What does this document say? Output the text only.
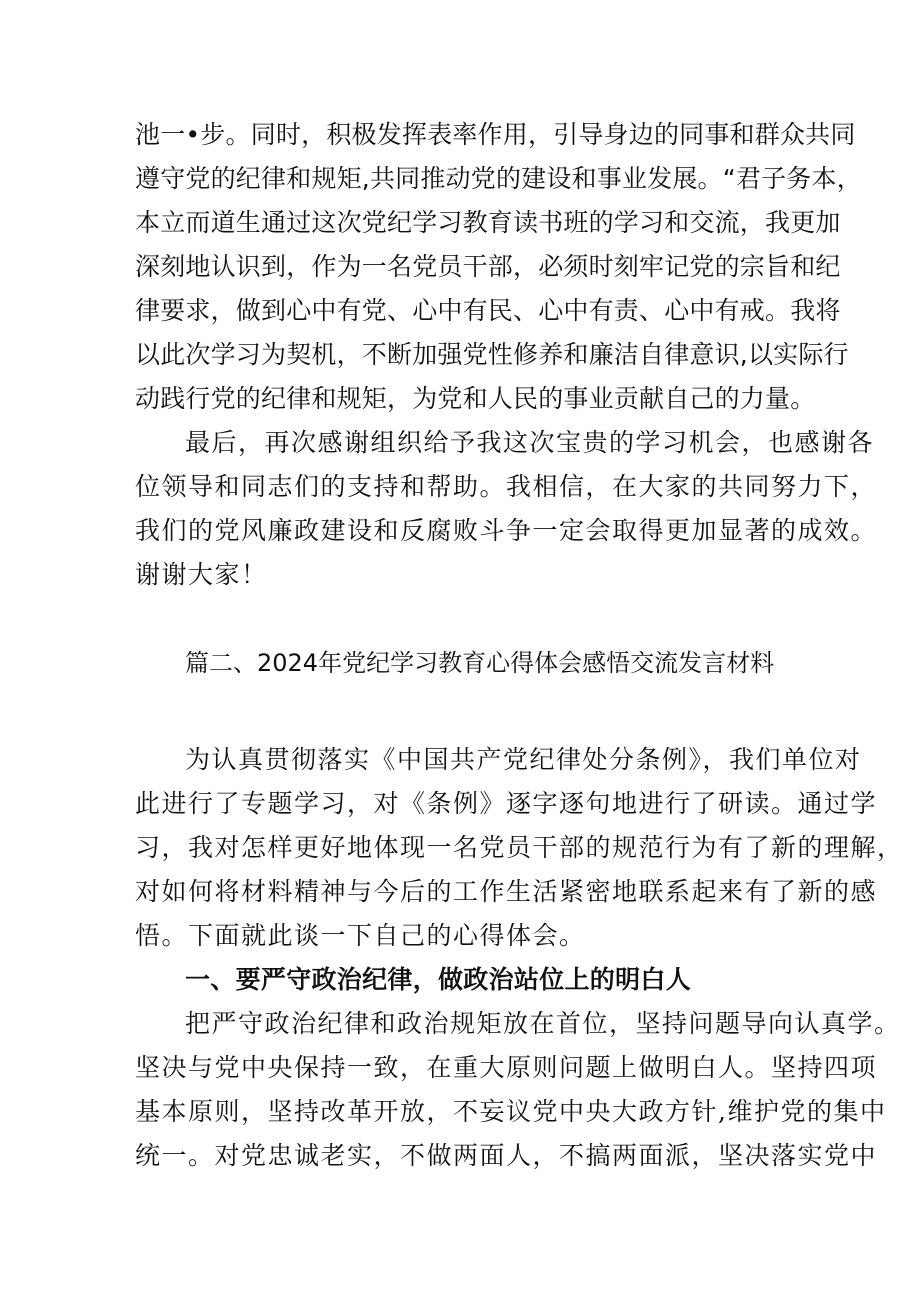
池一•步。同时，积极发挥表率作用，引导身边的同事和群众共同
遵守党的纪律和规矩,共同推动党的建设和事业发展。“君子务本，
本立而道生通过这次党纪学习教育读书班的学习和交流，我更加
深刻地认识到，作为一名党员干部，必须时刻牢记党的宗旨和纪
律要求，做到心中有党、心中有民、心中有责、心中有戒。我将
以此次学习为契机，不断加强党性修养和廉洁自律意识,以实际行
动践行党的纪律和规矩，为党和人民的事业贡献自己的力量。
最后，再次感谢组织给予我这次宝贵的学习机会，也感谢各
位领导和同志们的支持和帮助。我相信，在大家的共同努力下，
我们的党风廉政建设和反腐败斗争一定会取得更加显著的成效。
谢谢大家！
篇二、2024年党纪学习教育心得体会感悟交流发言材料
为认真贯彻落实《中国共产党纪律处分条例》，我们单位对
此进行了专题学习，对《条例》逐字逐句地进行了研读。通过学
习，我对怎样更好地体现一名党员干部的规范行为有了新的理解，
对如何将材料精神与今后的工作生活紧密地联系起来有了新的感
悟。下面就此谈一下自己的心得体会。
一、要严守政治纪律，做政治站位上的明白人
把严守政治纪律和政治规矩放在首位，坚持问题导向认真学。
坚决与党中央保持一致，在重大原则问题上做明白人。坚持四项
基本原则，坚持改革开放，不妄议党中央大政方针,维护党的集中
统一。对党忠诚老实，不做两面人，不搞两面派，坚决落实党中
